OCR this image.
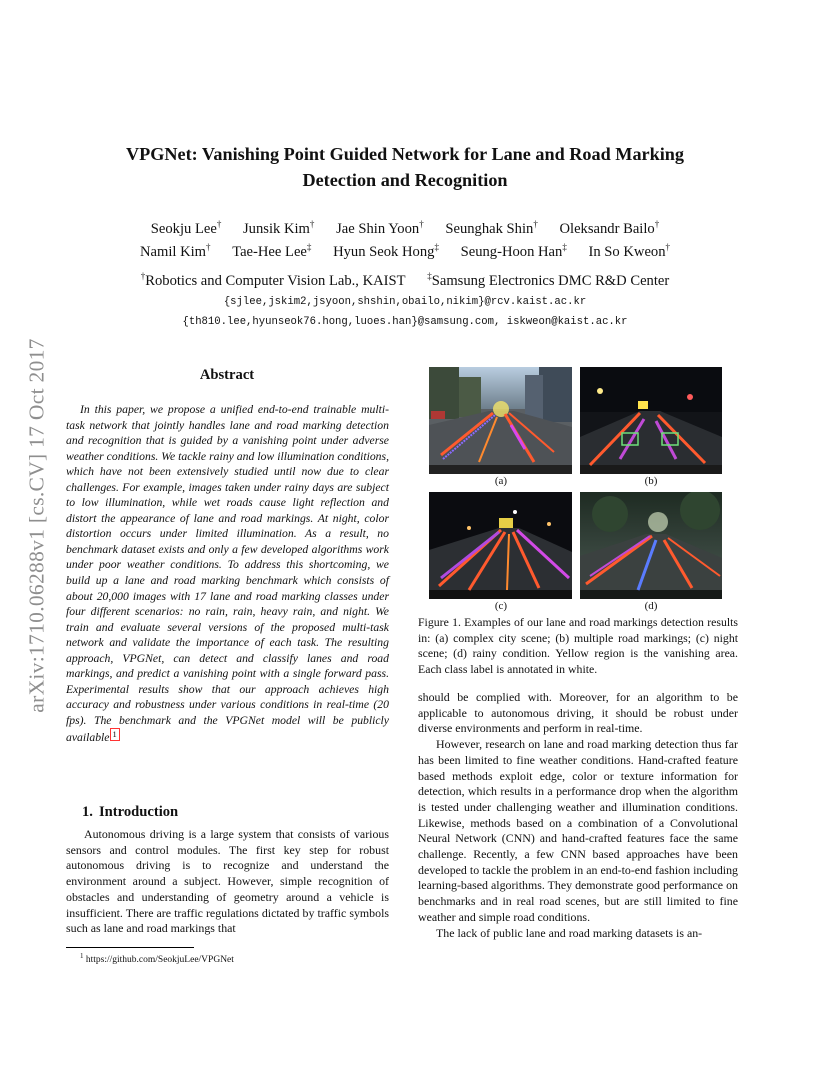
arXiv:1710.06288v1 [cs.CV] 17 Oct 2017
VPGNet: Vanishing Point Guided Network for Lane and Road Marking
Detection and Recognition
Seokju Lee† Junsik Kim† Jae Shin Yoon† Seunghak Shin† Oleksandr Bailo†
Namil Kim† Tae-Hee Lee‡ Hyun Seok Hong‡ Seung-Hoon Han‡ In So Kweon†
†Robotics and Computer Vision Lab., KAIST ‡Samsung Electronics DMC R&D Center
{sjlee,jskim2,jsyoon,shshin,obailo,nikim}@rcv.kaist.ac.kr
{th810.lee,hyunseok76.hong,luoes.han}@samsung.com, iskweon@kaist.ac.kr
Abstract
In this paper, we propose a unified end-to-end trainable multi-task network that jointly handles lane and road marking detection and recognition that is guided by a vanishing point under adverse weather conditions. We tackle rainy and low illumination conditions, which have not been extensively studied until now due to clear challenges. For example, images taken under rainy days are subject to low illumination, while wet roads cause light reflection and distort the appearance of lane and road markings. At night, color distortion occurs under limited illumination. As a result, no benchmark dataset exists and only a few developed algorithms work under poor weather conditions. To address this shortcoming, we build up a lane and road marking benchmark which consists of about 20,000 images with 17 lane and road marking classes under four different scenarios: no rain, rain, heavy rain, and night. We train and evaluate several versions of the proposed multi-task network and validate the importance of each task. The resulting approach, VPGNet, can detect and classify lanes and road markings, and predict a vanishing point with a single forward pass. Experimental results show that our approach achieves high accuracy and robustness under various conditions in real-time (20 fps). The benchmark and the VPGNet model will be publicly available 1
1. Introduction
Autonomous driving is a large system that consists of various sensors and control modules. The first key step for robust autonomous driving is to recognize and understand the environment around a subject. However, simple recognition of obstacles and understanding of geometry around a vehicle is insufficient. There are traffic regulations dictated by traffic symbols such as lane and road markings that
$^1$ https://github.com/SeokjuLee/VPGNet
(a)	(b)
(c)	(d)
Figure 1. Examples of our lane and road markings detection results in: (a) complex city scene; (b) multiple road markings; (c) night scene; (d) rainy condition. Yellow region is the vanishing area. Each class label is annotated in white.

should be complied with. Moreover, for an algorithm to be applicable to autonomous driving, it should be robust under diverse environments and perform in real-time.

However, research on lane and road marking detection thus far has been limited to fine weather conditions. Hand-crafted feature based methods exploit edge, color or texture information for detection, which results in a performance drop when the algorithm is tested under challenging weather and illumination conditions. Likewise, methods based on a combination of a Convolutional Neural Network (CNN) and hand-crafted features face the same challenge. Recently, a few CNN based approaches have been developed to tackle the problem in an end-to-end fashion including learning-based algorithms. They demonstrate good performance on benchmarks and in real road scenes, but are still limited to fine weather and simple road conditions.

The lack of public lane and road marking datasets is an-
